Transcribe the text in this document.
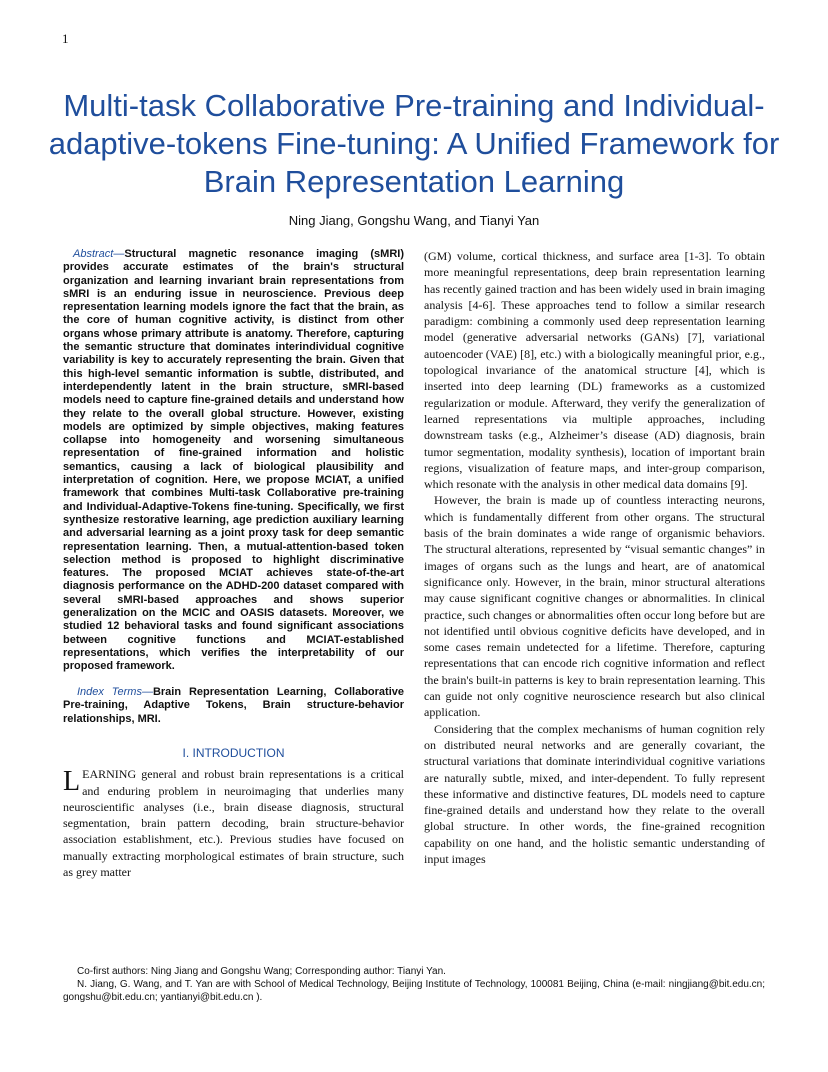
1
Multi-task Collaborative Pre-training and Individual-adaptive-tokens Fine-tuning: A Unified Framework for Brain Representation Learning
Ning Jiang, Gongshu Wang, and Tianyi Yan

Abstract—Structural magnetic resonance imaging (sMRI) provides accurate estimates of the brain's structural organization and learning invariant brain representations from sMRI is an enduring issue in neuroscience. Previous deep representation learning models ignore the fact that the brain, as the core of human cognitive activity, is distinct from other organs whose primary attribute is anatomy. Therefore, capturing the semantic structure that dominates interindividual cognitive variability is key to accurately representing the brain. Given that this high-level semantic information is subtle, distributed, and interdependently latent in the brain structure, sMRI-based models need to capture fine-grained details and understand how they relate to the overall global structure. However, existing models are optimized by simple objectives, making features collapse into homogeneity and worsening simultaneous representation of fine-grained information and holistic semantics, causing a lack of biological plausibility and interpretation of cognition. Here, we propose MCIAT, a unified framework that combines Multi-task Collaborative pre-training and Individual-Adaptive-Tokens fine-tuning. Specifically, we first synthesize restorative learning, age prediction auxiliary learning and adversarial learning as a joint proxy task for deep semantic representation learning. Then, a mutual-attention-based token selection method is proposed to highlight discriminative features. The proposed MCIAT achieves state-of-the-art diagnosis performance on the ADHD-200 dataset compared with several sMRI-based approaches and shows superior generalization on the MCIC and OASIS datasets. Moreover, we studied 12 behavioral tasks and found significant associations between cognitive functions and MCIAT-established representations, which verifies the interpretability of our proposed framework.

Index Terms—Brain Representation Learning, Collaborative Pre-training, Adaptive Tokens, Brain structure-behavior relationships, MRI.

I. INTRODUCTION

LEARNING general and robust brain representations is a critical and enduring problem in neuroimaging that underlies many neuroscientific analyses (i.e., brain disease diagnosis, structural segmentation, brain pattern decoding, brain structure-behavior association establishment, etc.). Previous studies have focused on manually extracting morphological estimates of brain structure, such as grey matter

(GM) volume, cortical thickness, and surface area [1-3]. To obtain more meaningful representations, deep brain representation learning has recently gained traction and has been widely used in brain imaging analysis [4-6]. These approaches tend to follow a similar research paradigm: combining a commonly used deep representation learning model (generative adversarial networks (GANs) [7], variational autoencoder (VAE) [8], etc.) with a biologically meaningful prior, e.g., topological invariance of the anatomical structure [4], which is inserted into deep learning (DL) frameworks as a customized regularization or module. Afterward, they verify the generalization of learned representations via multiple approaches, including downstream tasks (e.g., Alzheimer’s disease (AD) diagnosis, brain tumor segmentation, modality synthesis), location of important brain regions, visualization of feature maps, and inter-group comparison, which resonate with the analysis in other medical data domains [9].

However, the brain is made up of countless interacting neurons, which is fundamentally different from other organs. The structural basis of the brain dominates a wide range of organismic behaviors. The structural alterations, represented by “visual semantic changes” in images of organs such as the lungs and heart, are of anatomical significance only. However, in the brain, minor structural alterations may cause significant cognitive changes or abnormalities. In clinical practice, such changes or abnormalities often occur long before but are not identified until obvious cognitive deficits have developed, and in some cases remain undetected for a lifetime. Therefore, capturing representations that can encode rich cognitive information and reflect the brain's built-in patterns is key to brain representation learning. This can guide not only cognitive neuroscience research but also clinical application.

Considering that the complex mechanisms of human cognition rely on distributed neural networks and are generally covariant, the structural variations that dominate interindividual cognitive variations are naturally subtle, mixed, and inter-dependent. To fully represent these informative and distinctive features, DL models need to capture fine-grained details and understand how they relate to the overall global structure. In other words, the fine-grained recognition capability on one hand, and the holistic semantic understanding of input images

Co-first authors: Ning Jiang and Gongshu Wang; Corresponding author: Tianyi Yan.

N. Jiang, G. Wang, and T. Yan are with School of Medical Technology, Beijing Institute of Technology, 100081 Beijing, China (e-mail: ningjiang@bit.edu.cn; gongshu@bit.edu.cn; yantianyi@bit.edu.cn ).
